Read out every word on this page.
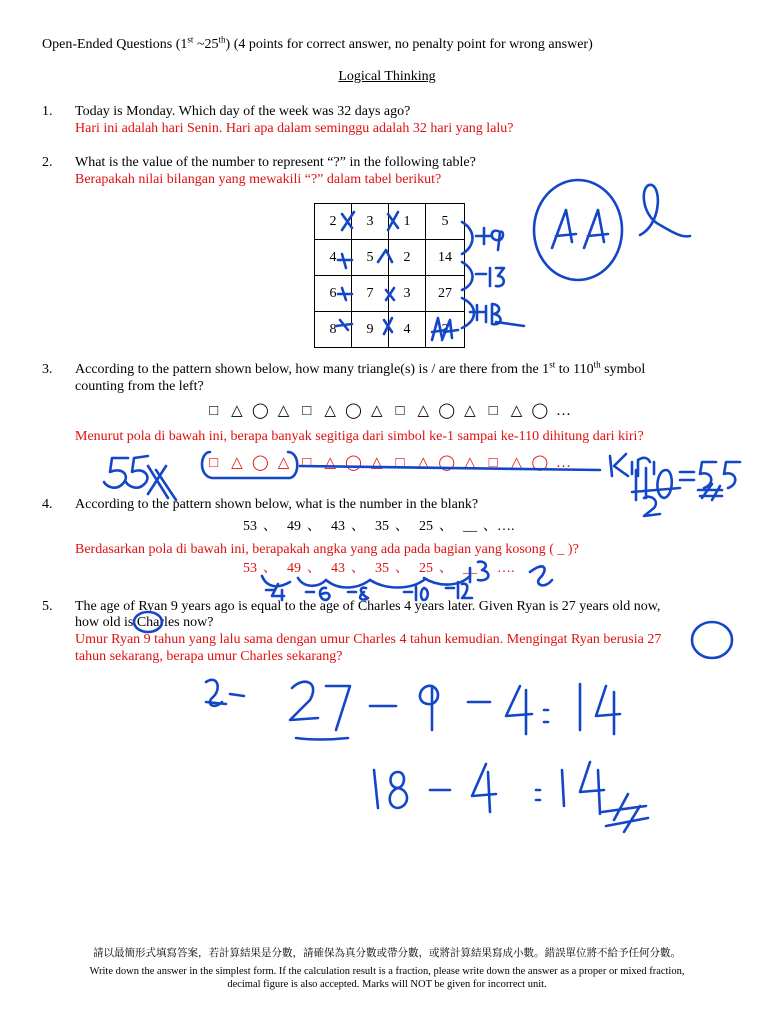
Open-Ended Questions (1st ~25th) (4 points for correct answer, no penalty point for wrong answer)
Logical Thinking
1. Today is Monday. Which day of the week was 32 days ago?
Hari ini adalah hari Senin. Hari apa dalam seminggu adalah 32 hari yang lalu?
2. What is the value of the number to represent “?” in the following table?
Berapakah nilai bilangan yang mewakili “?” dalam tabel berikut?
2	3	1	5
4	5	2	14
6	7	3	27
8	9	4	?
3. According to the pattern shown below, how many triangle(s) is / are there from the 1st to 110th symbol
counting from the left?
□ △ ◯ △ □ △ ◯ △ □ △ ◯ △ □ △ ◯ …
Menurut pola di bawah ini, berapa banyak segitiga dari simbol ke-1 sampai ke-110 dihitung dari kiri?
□ △ ◯ △ □ △ ◯ △ □ △ ◯ △ □ △ ◯ …
4. According to the pattern shown below, what is the number in the blank?
53 、 49 、 43 、 35 、 25 、 __ 、….
Berdasarkan pola di bawah ini, berapakah angka yang ada pada bagian yang kosong ( _ )?
53 、 49 、 43 、 35 、 25 、 __ 、….
5. The age of Ryan 9 years ago is equal to the age of Charles 4 years later. Given Ryan is 27 years old now,
how old is Charles now?
Umur Ryan 9 tahun yang lalu sama dengan umur Charles 4 tahun kemudian. Mengingat Ryan berusia 27
tahun sekarang, berapa umur Charles sekarang?
請以最簡形式填寫答案，若計算結果是分數，請確保為真分數或帶分數，或將計算結果寫成小數。錯誤單位將不給予任何分數。
Write down the answer in the simplest form. If the calculation result is a fraction, please write down the answer as a proper or mixed fraction,
decimal figure is also accepted. Marks will NOT be given for incorrect unit.
